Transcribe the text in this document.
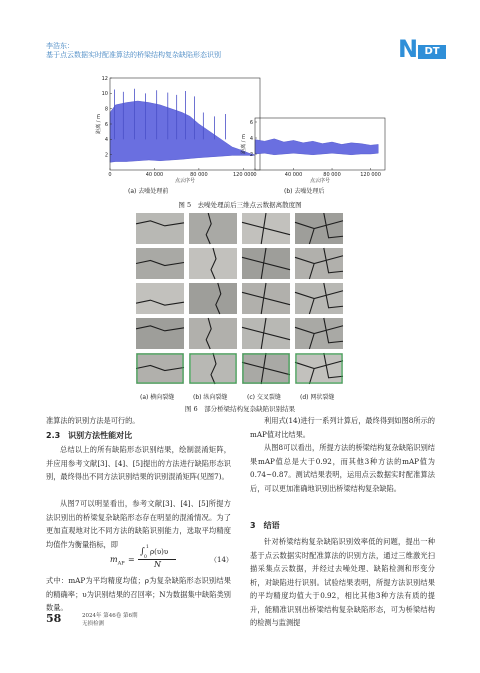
李浩东：
基于点云数据实时配准算法的桥梁结构复杂缺陷形态识别	N DT
2
4
6
8
10
12
0	40 000	80 000	120 000
点云序号
距离 / m
(a) 去噪处理前
2
4
6
0	40 000	80 000	120 000
点云序号
距离 / m
(b) 去噪处理后
图 5　去噪处理前后三维点云数据离散度图
(a) 横向裂缝	(b) 纵向裂缝	(c) 交叉裂缝	(d) 网状裂缝
图 6　部分桥梁结构复杂缺陷识别结果
准算法的识别方法是可行的。
2.3　识别方法性能对比
总结以上的所有缺陷形态识别结果，绘制混淆矩阵，并应用参考文献[3]、[4]、[5]提出的方法进行缺陷形态识别，最终得出不同方法识别结果的识别混淆矩阵(见图7)。
从图7可以明显看出，参考文献[3]、[4]、[5]所提方法识别出的桥梁复杂缺陷形态存在明显的混淆情况。为了更加直观地对比不同方法的缺陷识别能力，选取平均精度均值作为衡量指标，即
$m_{AP}$ =
∫ 1
0
ρ(υ)υ
N	（14）
式中：mAP为平均精度均值；ρ为复杂缺陷形态识别结果的精确率；υ为识别结果的召回率；N为数据集中缺陷类别数量。
利用式(14)进行一系列计算后，最终得到如图8所示的mAP值对比结果。
从图8可以看出，所提方法的桥梁结构复杂缺陷识别结果mAP值总是大于0.92，而其他3种方法的mAP值为0.74~0.87。测试结果表明，运用点云数据实时配准算法后，可以更加准确地识别出桥梁结构复杂缺陷。
3　结语
针对桥梁结构复杂缺陷识别效率低的问题，提出一种基于点云数据实时配准算法的识别方法，通过三维激光扫描采集点云数据，并经过去噪处理、缺陷检测和形变分析，对缺陷进行识别。试验结果表明，所提方法识别结果的平均精度均值大于0.92，相比其他3种方法有质的提升，能精准识别出桥梁结构复杂缺陷形态，可为桥梁结构的检测与监测提
58	2024年 第46卷 第6期
无损检测
